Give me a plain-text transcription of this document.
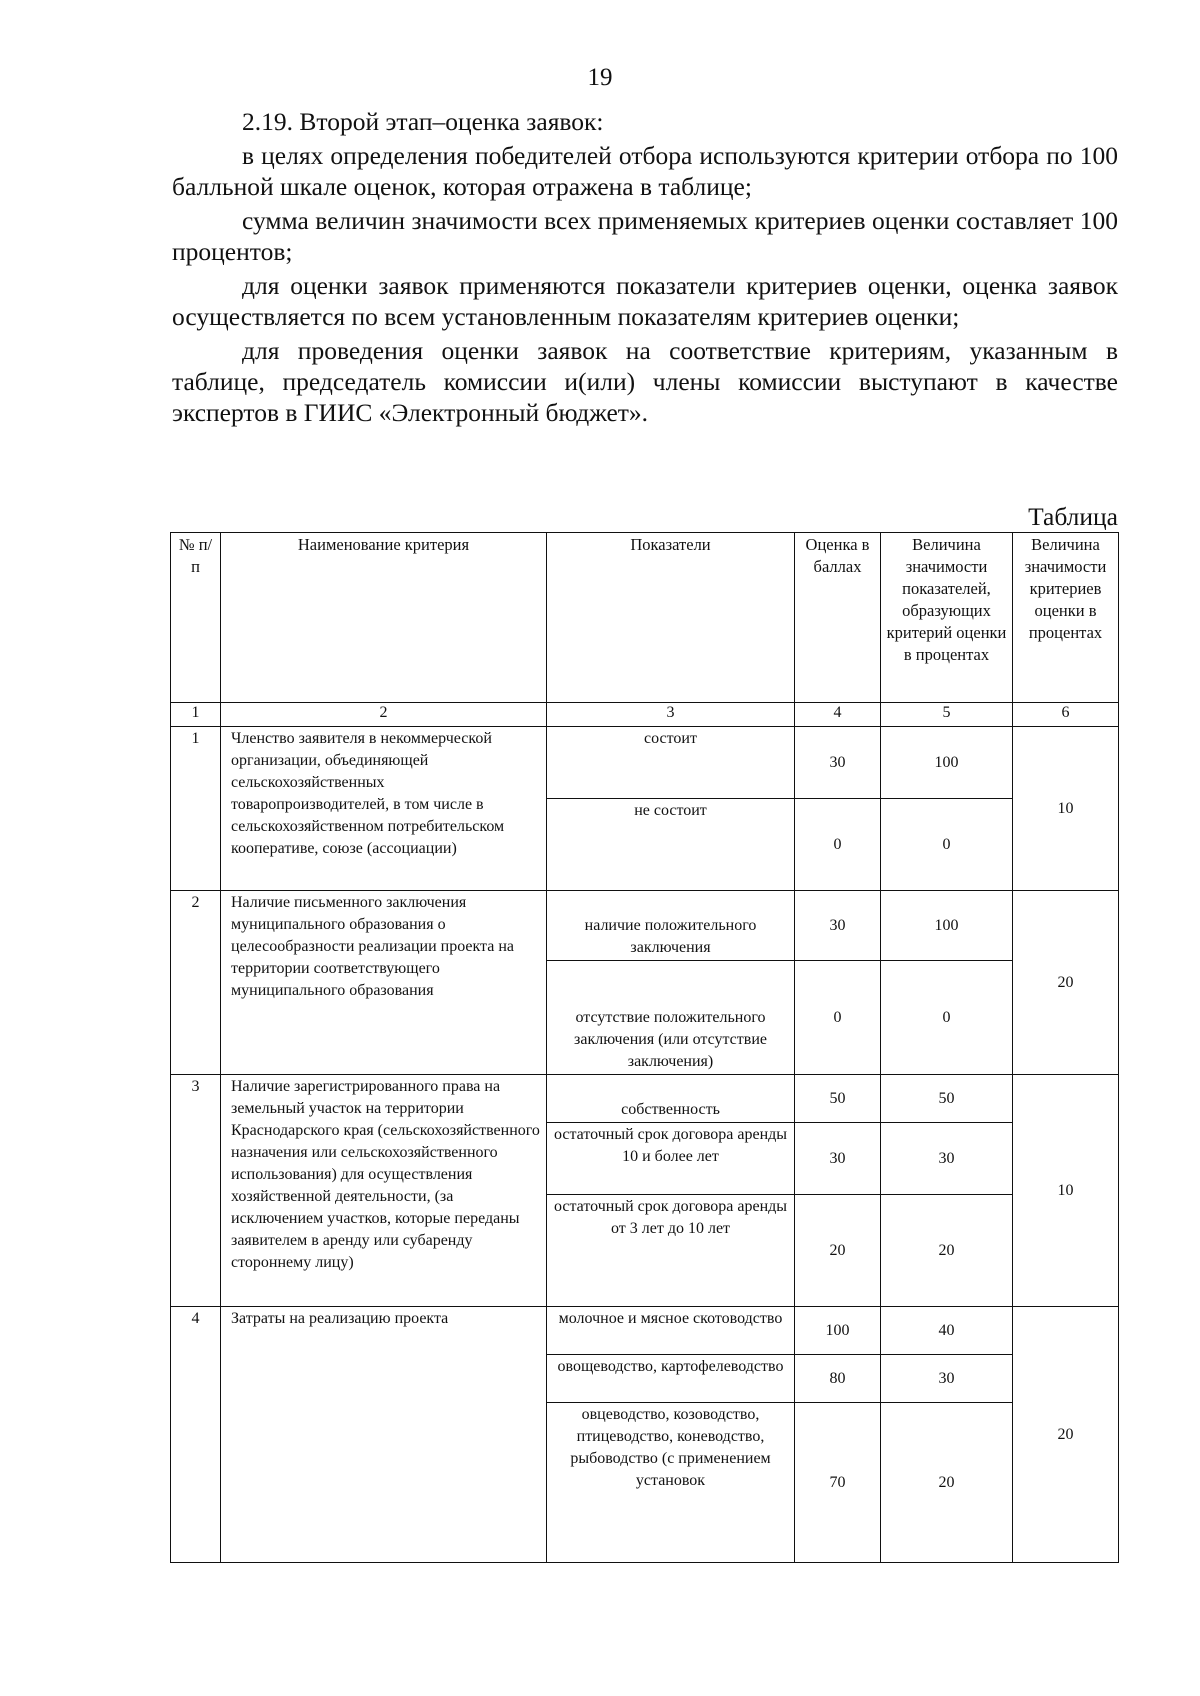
19

2.19. Второй этап–оценка заявок:

в целях определения победителей отбора используются критерии отбора по 100 балльной шкале оценок, которая отражена в таблице;

сумма величин значимости всех применяемых критериев оценки составляет 100 процентов;

для оценки заявок применяются показатели критериев оценки, оценка заявок осуществляется по всем установленным показателям критериев оценки;

для проведения оценки заявок на соответствие критериям, указанным в таблице, председатель комиссии и(или) члены комиссии выступают в качестве экспертов в ГИИС «Электронный бюджет».

Таблица
№ п/п	Наименование критерия	Показатели	Оценка в баллах	Величина значимости показателей, образующих критерий оценки в процентах	Величина значимости критериев оценки в процентах
1	2	3	4	5	6
1	Членство заявителя в некоммерческой организации, объединяющей сельскохозяйственных товаропроизводителей, в том числе в сельскохозяйственном потребительском кооперативе, союзе (ассоциации)	состоит	30	100	10
		не состоит	0	0	
2	Наличие письменного заключения муниципального образования о целесообразности реализации проекта на территории соответствующего муниципального образования	наличие положительного заключения	30	100	20
		отсутствие положительного заключения (или отсутствие заключения)	0	0	
3	Наличие зарегистрированного права на земельный участок на территории Краснодарского края (сельскохозяйственного назначения или сельскохозяйственного использования) для осуществления хозяйственной деятельности, (за исключением участков, которые переданы заявителем в аренду или субаренду стороннему лицу)	собственность	50	50	10
		остаточный срок договора аренды 10 и более лет	30	30	
		остаточный срок договора аренды от 3 лет до 10 лет	20	20	
4	Затраты на реализацию проекта	молочное и мясное скотоводство	100	40	20
		овощеводство, картофелеводство	80	30	
		овцеводство, козоводство, птицеводство, коневодство, рыбоводство (с применением установок	70	20	
